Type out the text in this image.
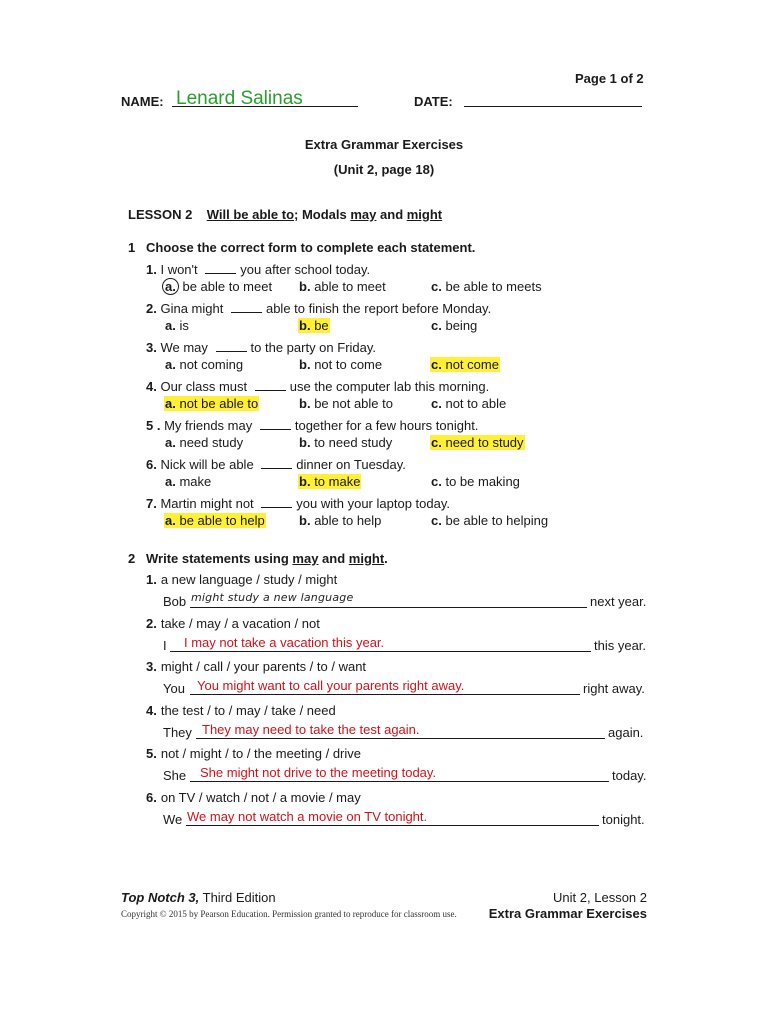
Page 1 of 2
NAME: Lenard Salinas	DATE:
Extra Grammar Exercises
(Unit 2, page 18)
LESSON 2 Will be able to; Modals may and might
1 Choose the correct form to complete each statement.
1. I won't	you after school today.
a. be able to meet b. able to meet	c. be able to meets
2. Gina might	able to finish the report before Monday.
a. is	b. be	c. being
3. We may	to the party on Friday.
a. not coming	b. not to come	c. not come
4. Our class must	use the computer lab this morning.
a. not be able to	b. be not able to	c. not to able
5 . My friends may	together for a few hours tonight.
a. need study	b. to need study	c. need to study
6. Nick will be able	dinner on Tuesday.
a. make	b. to make	c. to be making
7. Martin might not	you with your laptop today.
a. be able to help	b. able to help	c. be able to helping
2 Write statements using may and might.
1. a new language / study / might
Bob might study a new language	next year.
2. take / may / a vacation / not
I I may not take a vacation this year.	this year.
3. might / call / your parents / to / want
You You might want to call your parents right away.	right away.
4. the test / to / may / take / need
They They may need to take the test again.	again.
5. not / might / to / the meeting / drive
She She might not drive to the meeting today.	today.
6. on TV / watch / not / a movie / may
We We may not watch a movie on TV tonight.	tonight.
Top Notch 3, Third Edition
Copyright © 2015 by Pearson Education. Permission granted to reproduce for classroom use.
Unit 2, Lesson 2
Extra Grammar Exercises
